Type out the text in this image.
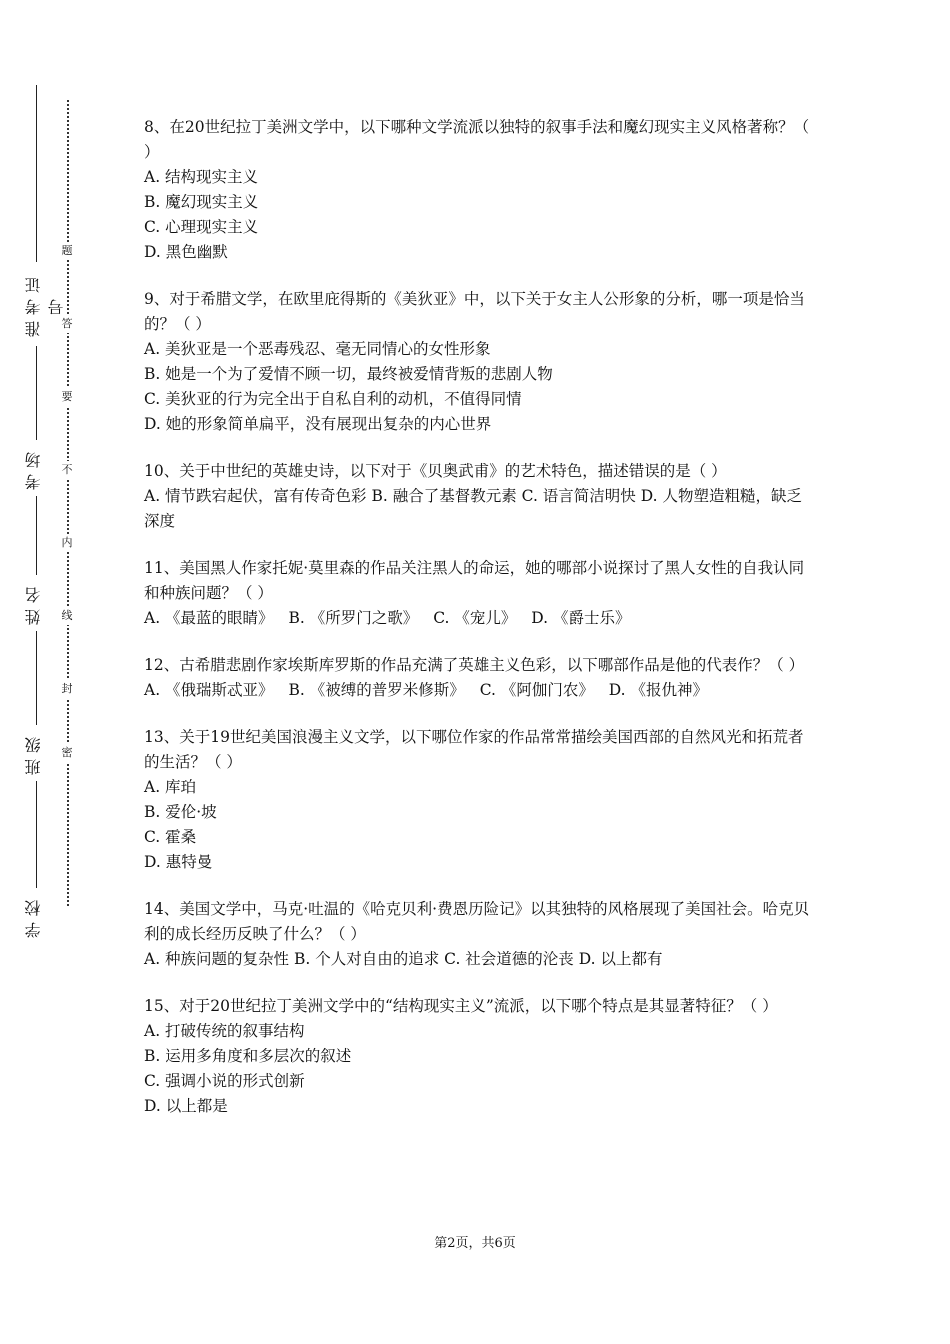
准考证号
考场
姓名
班级
学校
题
答
要
不
内
线
封
密

8、在20世纪拉丁美洲文学中，以下哪种文学流派以独特的叙事手法和魔幻现实主义风格著称？（ ）

A. 结构现实主义

B. 魔幻现实主义

C. 心理现实主义

D. 黑色幽默

9、对于希腊文学，在欧里庇得斯的《美狄亚》中，以下关于女主人公形象的分析，哪一项是恰当的？（ ）

A. 美狄亚是一个恶毒残忍、毫无同情心的女性形象

B. 她是一个为了爱情不顾一切，最终被爱情背叛的悲剧人物

C. 美狄亚的行为完全出于自私自利的动机，不值得同情

D. 她的形象简单扁平，没有展现出复杂的内心世界

10、关于中世纪的英雄史诗，以下对于《贝奥武甫》的艺术特色，描述错误的是（ ）

A. 情节跌宕起伏，富有传奇色彩 B. 融合了基督教元素 C. 语言简洁明快 D. 人物塑造粗糙，缺乏深度

11、美国黑人作家托妮·莫里森的作品关注黑人的命运，她的哪部小说探讨了黑人女性的自我认同和种族问题？（ ）

A. 《最蓝的眼睛》 B. 《所罗门之歌》 C. 《宠儿》 D. 《爵士乐》

12、古希腊悲剧作家埃斯库罗斯的作品充满了英雄主义色彩，以下哪部作品是他的代表作？（ ）

A. 《俄瑞斯忒亚》 B. 《被缚的普罗米修斯》 C. 《阿伽门农》 D. 《报仇神》

13、关于19世纪美国浪漫主义文学，以下哪位作家的作品常常描绘美国西部的自然风光和拓荒者的生活？（ ）

A. 库珀

B. 爱伦·坡

C. 霍桑

D. 惠特曼

14、美国文学中，马克·吐温的《哈克贝利·费恩历险记》以其独特的风格展现了美国社会。哈克贝利的成长经历反映了什么？（ ）

A. 种族问题的复杂性 B. 个人对自由的追求 C. 社会道德的沦丧 D. 以上都有

15、对于20世纪拉丁美洲文学中的“结构现实主义”流派，以下哪个特点是其显著特征？（ ）

A. 打破传统的叙事结构

B. 运用多角度和多层次的叙述

C. 强调小说的形式创新

D. 以上都是

第2页，共6页
